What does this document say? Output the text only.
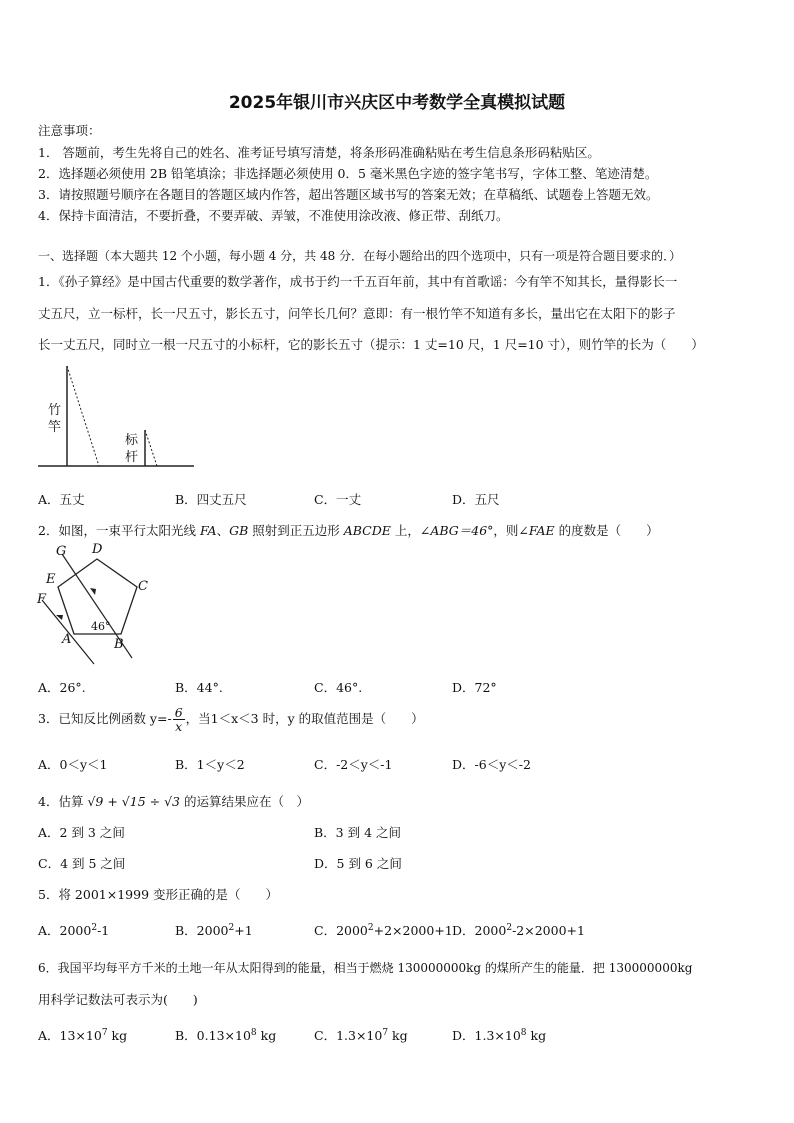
2025年银川市兴庆区中考数学全真模拟试题
注意事项：
1． 答题前，考生先将自己的姓名、准考证号填写清楚，将条形码准确粘贴在考生信息条形码粘贴区。
2．选择题必须使用 2B 铅笔填涂；非选择题必须使用 0．5 毫米黑色字迹的签字笔书写，字体工整、笔迹清楚。
3．请按照题号顺序在各题目的答题区域内作答，超出答题区域书写的答案无效；在草稿纸、试题卷上答题无效。
4．保持卡面清洁，不要折叠，不要弄破、弄皱，不准使用涂改液、修正带、刮纸刀。
一、选择题（本大题共 12 个小题，每小题 4 分，共 48 分．在每小题给出的四个选项中，只有一项是符合题目要求的．）
1．《孙子算经》是中国古代重要的数学著作，成书于约一千五百年前，其中有首歌谣：今有竿不知其长，量得影长一
丈五尺，立一标杆，长一尺五寸，影长五寸，问竿长几何？意即：有一根竹竿不知道有多长，量出它在太阳下的影子
长一丈五尺，同时立一根一尺五寸的小标杆，它的影长五寸（提示：1 丈=10 尺，1 尺=10 寸），则竹竿的长为（　　）
竹
竿
标
杆
A．五丈	B．四丈五尺	C．一丈	D．五尺
2．如图，一束平行太阳光线 FA、GB 照射到正五边形 ABCDE 上，∠ABG＝46°，则∠FAE 的度数是（　　）
G D
C
E
F
A	B
46°
A．26°.	B．44°.	C．46°.	D．72°
3．已知反比例函数 $y=- \frac{6}{x}$ ，当1＜x＜3 时，y 的取值范围是（　　）
A．0＜y＜1	B．1＜y＜2	C．-2＜y＜-1	D．-6＜y＜-2
4．估算 √9 + √15 ÷ √3 的运算结果应在（　）
A．2 到 3 之间	B．3 到 4 之间
C．4 到 5 之间	D．5 到 6 之间
5．将 2001×1999 变形正确的是（　　）
A．2000$^2$-1	B．$2000^2+1$	C．$2000^2+2\times 2000+1$ D．$2000^2-2\times 2000+1$
6．我国平均每平方千米的土地一年从太阳得到的能量，相当于燃烧 130000000kg 的煤所产生的能量．把 130000000kg
用科学记数法可表示为(　　)
A．$13\times 10^7$ kg	B．$0.13\times 10^8$ kg	C．$1.3\times 10^7$ kg	D．$1.3\times 10^8$ kg
